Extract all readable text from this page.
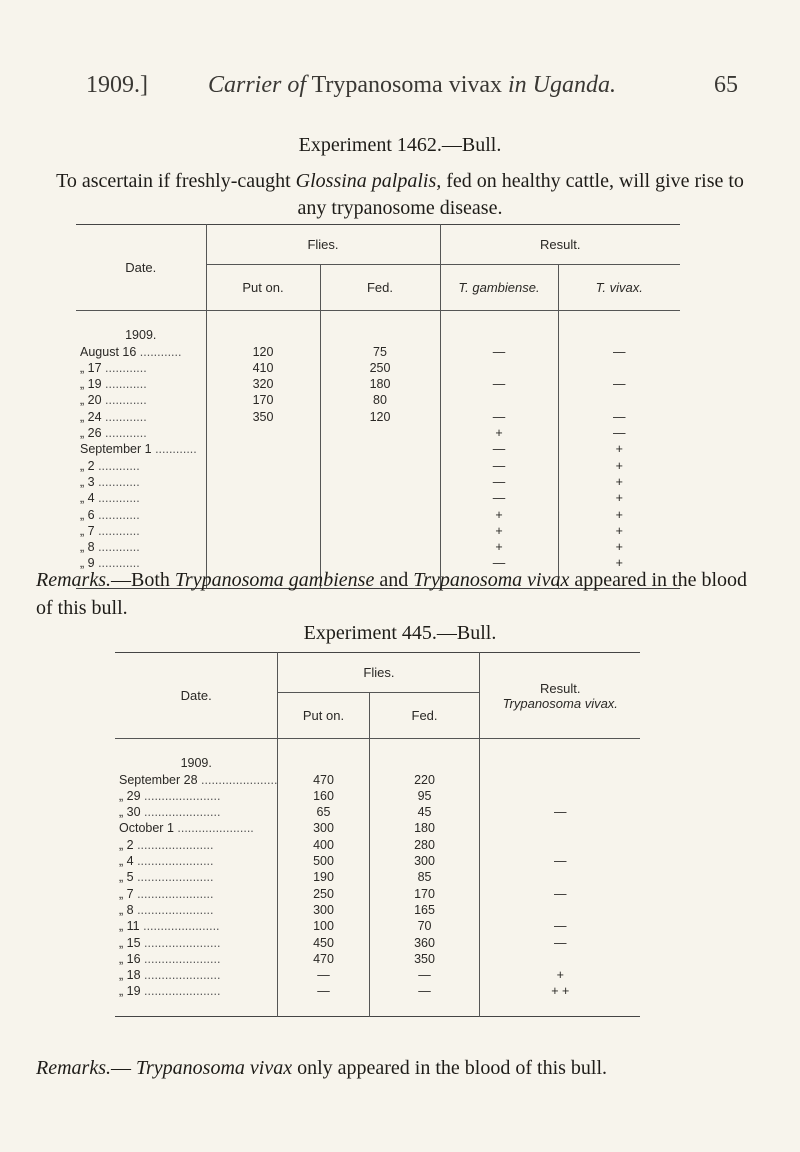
1909.]	Carrier of Trypanosoma vivax in Uganda.	65
Experiment 1462.—Bull.
To ascertain if freshly-caught Glossina palpalis, fed on healthy cattle, will give rise to any trypanosome disease.
Date.	Flies.		Result.	
	Put on.	Fed.	T. gambiense.	T. vivax.

1909.				
August 16 ............	120	75	—	—
„ 17 ............	410	250		
„ 19 ............	320	180	—	—
„ 20 ............	170	80		
„ 24 ............	350	120	—	—
„ 26 ............			+	—
September 1 ............			—	+
„ 2 ............			—	+
„ 3 ............			—	+
„ 4 ............			—	+
„ 6 ............			+	+
„ 7 ............			+	+
„ 8 ............			+	+
„ 9 ............			—	+

Remarks.—Both Trypanosoma gambiense and Trypanosoma vivax appeared in the blood of this bull.
Experiment 445.—Bull.
Date.	Flies.		Result.
Trypanosoma vivax.

	Put on.	Fed.	

1909.			
September 28 ......................	470	220	
„ 29 ......................	160	95	
„ 30 ......................	65	45	—
October 1 ......................	300	180	
„ 2 ......................	400	280	
„ 4 ......................	500	300	—
„ 5 ......................	190	85	
„ 7 ......................	250	170	—
„ 8 ......................	300	165	
„ 11 ......................	100	70	—
„ 15 ......................	450	360	—
„ 16 ......................	470	350	
„ 18 ......................	—	—	+
„ 19 ......................	—	—	+ +

Remarks.— Trypanosoma vivax only appeared in the blood of this bull.
